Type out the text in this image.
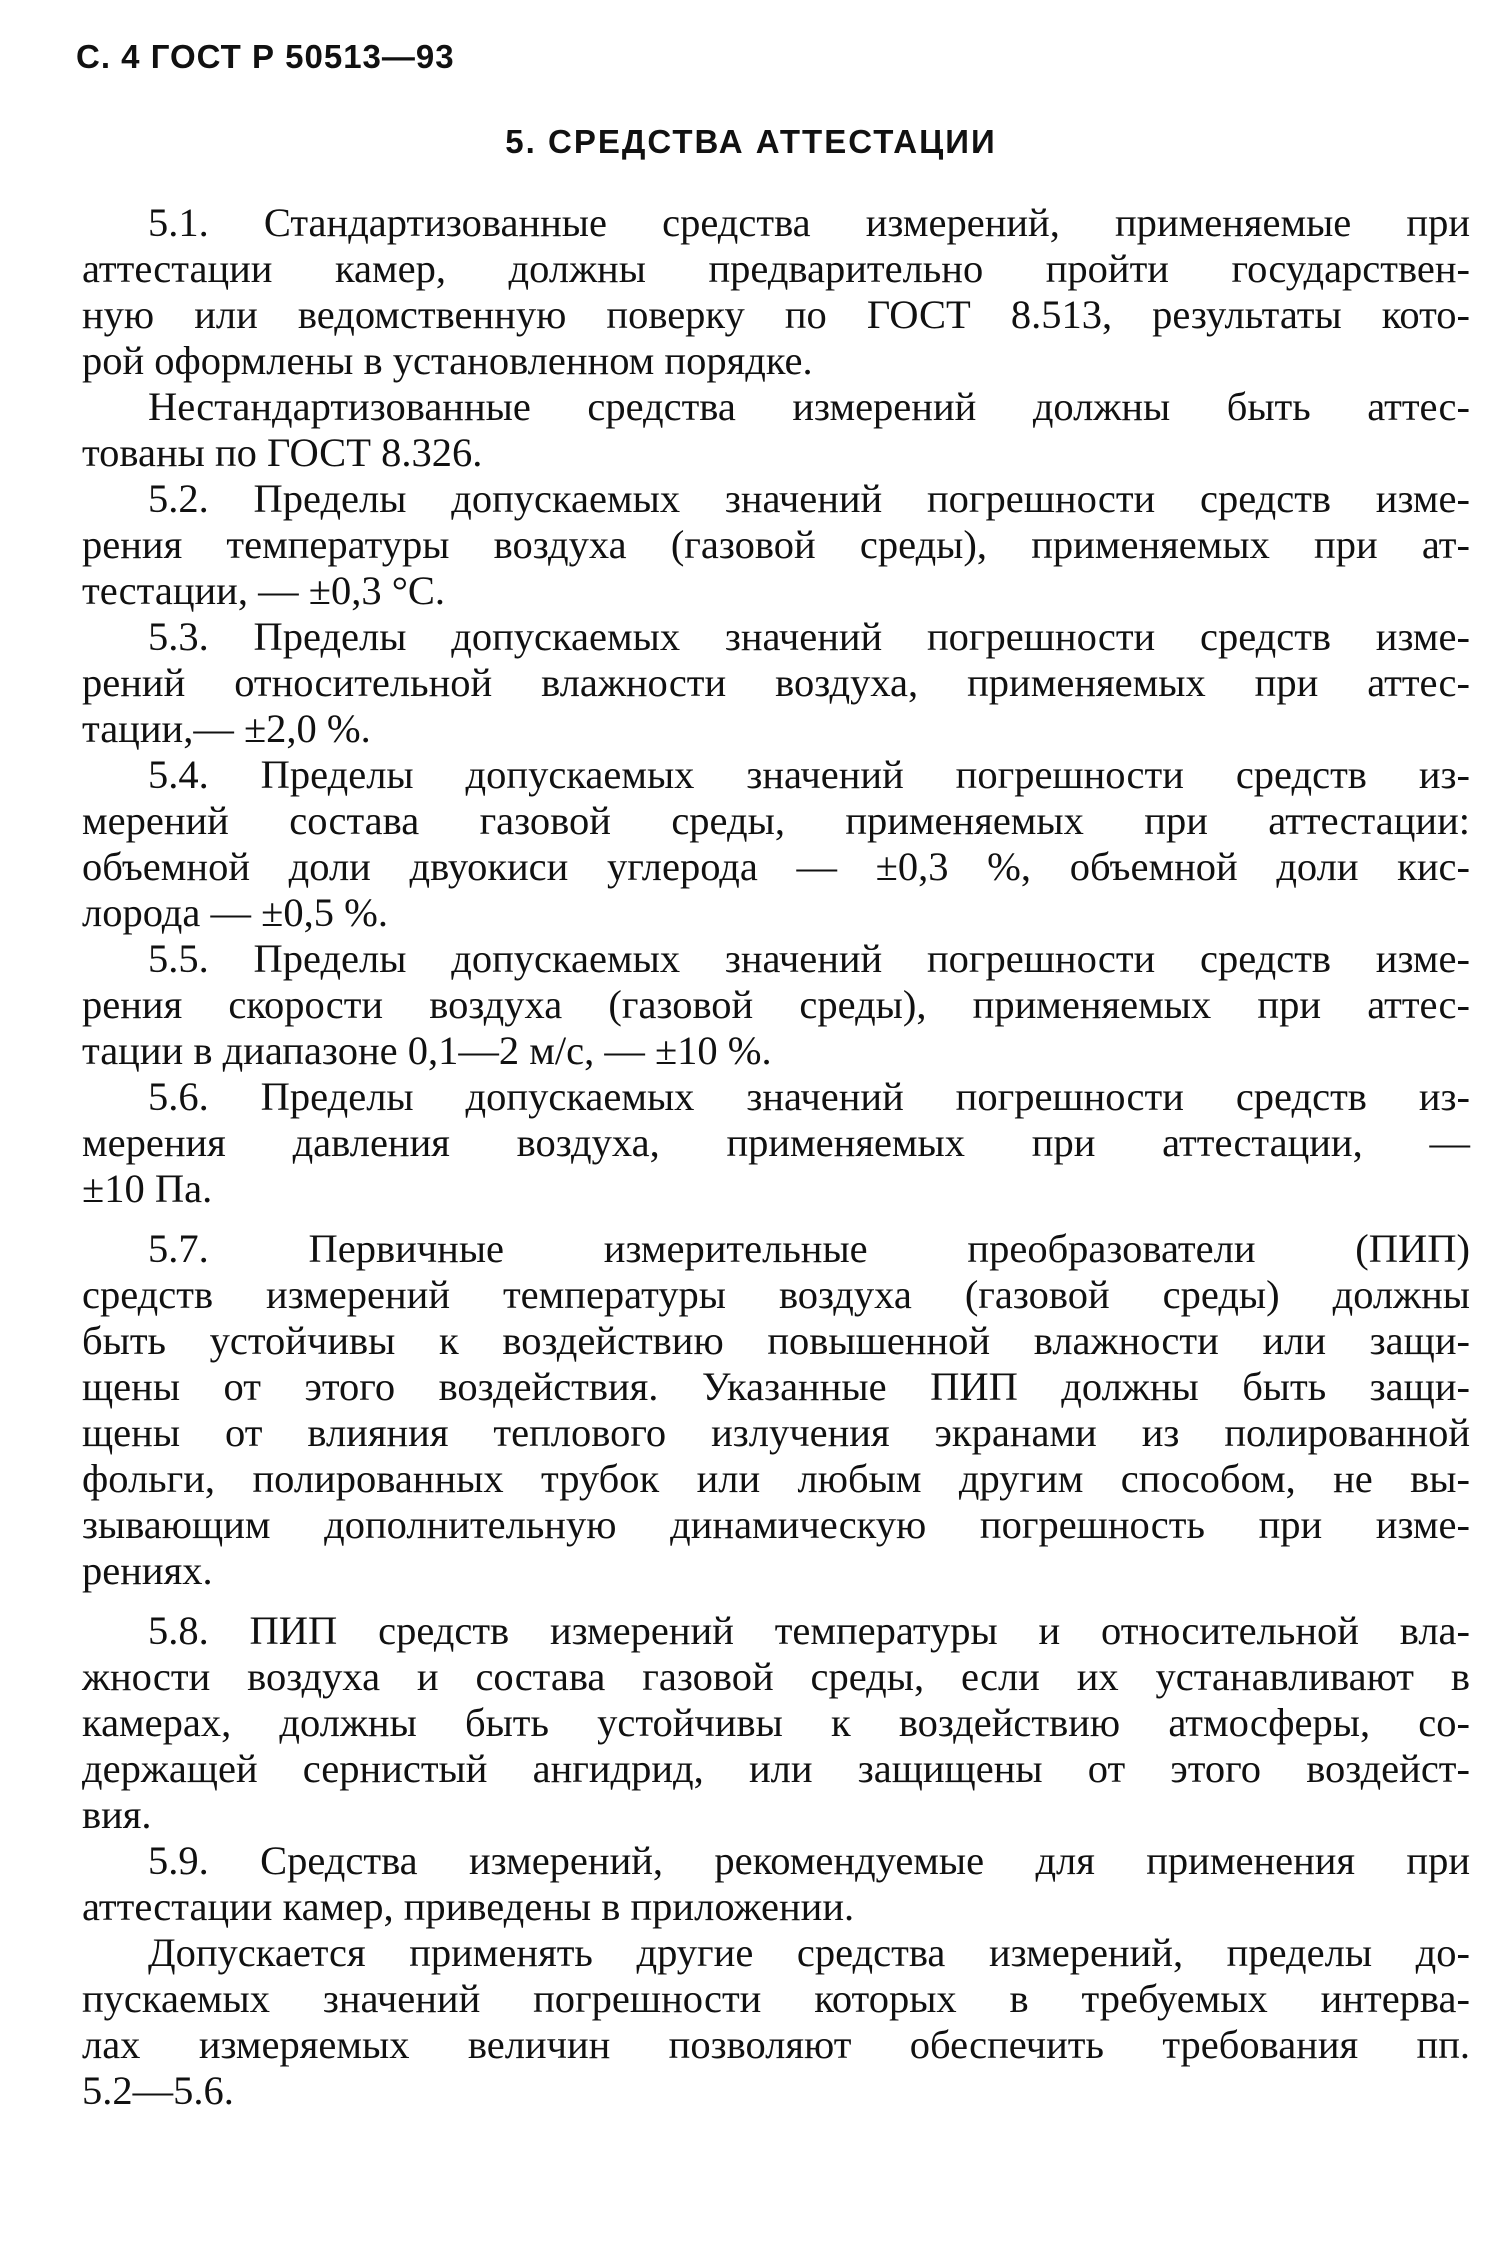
С. 4 ГОСТ Р 50513—93
5. СРЕДСТВА АТТЕСТАЦИИ
5.1. Стандартизованные средства измерений, применяемые при
аттестации камер, должны предварительно пройти государствен-
ную или ведомственную поверку по ГОСТ 8.513, результаты кото-
рой оформлены в установленном порядке.
Нестандартизованные средства измерений должны быть аттес-
тованы по ГОСТ 8.326.
5.2. Пределы допускаемых значений погрешности средств изме-
рения температуры воздуха (газовой среды), применяемых при ат-
тестации, — ±0,3 °С.
5.3. Пределы допускаемых значений погрешности средств изме-
рений относительной влажности воздуха, применяемых при аттес-
тации,— ±2,0 %.
5.4. Пределы допускаемых значений погрешности средств из-
мерений состава газовой среды, применяемых при аттестации:
объемной доли двуокиси углерода — ±0,3 %, объемной доли кис-
лорода — ±0,5 %.
5.5. Пределы допускаемых значений погрешности средств изме-
рения скорости воздуха (газовой среды), применяемых при аттес-
тации в диапазоне 0,1—2 м/с, — ±10 %.
5.6. Пределы допускаемых значений погрешности средств из-
мерения давления воздуха, применяемых при аттестации, —
±10 Па.
5.7. Первичные измерительные преобразователи (ПИП)
средств измерений температуры воздуха (газовой среды) должны
быть устойчивы к воздействию повышенной влажности или защи-
щены от этого воздействия. Указанные ПИП должны быть защи-
щены от влияния теплового излучения экранами из полированной
фольги, полированных трубок или любым другим способом, не вы-
зывающим дополнительную динамическую погрешность при изме-
рениях.
5.8. ПИП средств измерений температуры и относительной вла-
жности воздуха и состава газовой среды, если их устанавливают в
камерах, должны быть устойчивы к воздействию атмосферы, со-
держащей сернистый ангидрид, или защищены от этого воздейст-
вия.
5.9. Средства измерений, рекомендуемые для применения при
аттестации камер, приведены в приложении.
Допускается применять другие средства измерений, пределы до-
пускаемых значений погрешности которых в требуемых интерва-
лах измеряемых величин позволяют обеспечить требования пп.
5.2—5.6.
